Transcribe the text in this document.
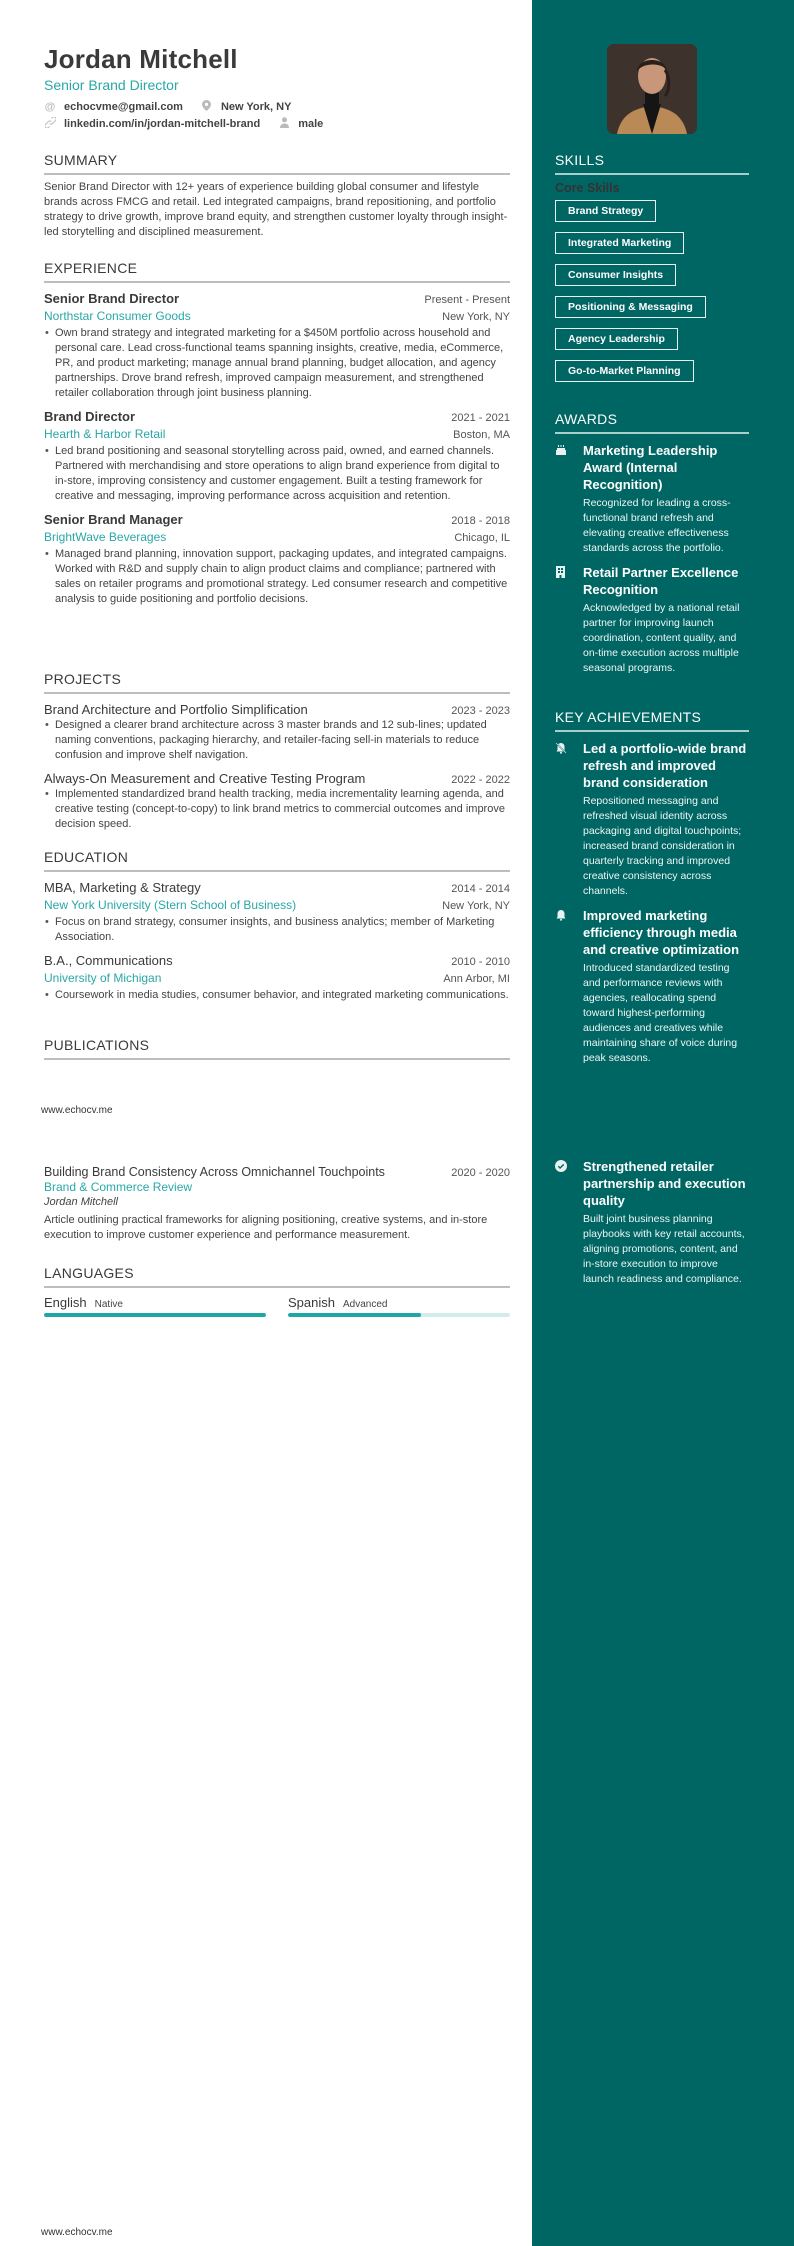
Jordan Mitchell
Senior Brand Director
@ echocvme@gmail.com	New York, NY
linkedin.com/in/jordan-mitchell-brand	male
SUMMARY
Senior Brand Director with 12+ years of experience building global consumer and lifestyle brands across FMCG and retail. Led integrated campaigns, brand repositioning, and portfolio strategy to drive growth, improve brand equity, and strengthen customer loyalty through insight-led storytelling and disciplined measurement.
EXPERIENCE
Senior Brand Director	Present - Present
Northstar Consumer Goods	New York, NY
• Own brand strategy and integrated marketing for a $450M portfolio across household and personal care. Lead cross-functional teams spanning insights, creative, media, eCommerce, PR, and product marketing; manage annual brand planning, budget allocation, and agency partnerships. Drove brand refresh, improved campaign measurement, and strengthened retailer collaboration through joint business planning.
Brand Director	2021 - 2021
Hearth & Harbor Retail	Boston, MA
• Led brand positioning and seasonal storytelling across paid, owned, and earned channels. Partnered with merchandising and store operations to align brand experience from digital to in-store, improving consistency and customer engagement. Built a testing framework for creative and messaging, improving performance across acquisition and retention.
Senior Brand Manager	2018 - 2018
BrightWave Beverages	Chicago, IL
• Managed brand planning, innovation support, packaging updates, and integrated campaigns. Worked with R&D and supply chain to align product claims and compliance; partnered with sales on retailer programs and promotional strategy. Led consumer research and competitive analysis to guide positioning and portfolio decisions.
PROJECTS
Brand Architecture and Portfolio Simplification	2023 - 2023
• Designed a clearer brand architecture across 3 master brands and 12 sub-lines; updated naming conventions, packaging hierarchy, and retailer-facing sell-in materials to reduce confusion and improve shelf navigation.
Always-On Measurement and Creative Testing Program	2022 - 2022
• Implemented standardized brand health tracking, media incrementality learning agenda, and creative testing (concept-to-copy) to link brand metrics to commercial outcomes and improve decision speed.
EDUCATION
MBA, Marketing & Strategy	2014 - 2014
New York University (Stern School of Business)	New York, NY
• Focus on brand strategy, consumer insights, and business analytics; member of Marketing Association.
B.A., Communications	2010 - 2010
University of Michigan	Ann Arbor, MI
• Coursework in media studies, consumer behavior, and integrated marketing communications.
PUBLICATIONS
www.echocv.me
Building Brand Consistency Across Omnichannel Touchpoints	2020 - 2020
Brand & Commerce Review
Jordan Mitchell
Article outlining practical frameworks for aligning positioning, creative systems, and in-store execution to improve customer experience and performance measurement.
LANGUAGES
English Native	Spanish Advanced
www.echocv.me
SKILLS
Core Skills
Brand Strategy
Integrated Marketing
Consumer Insights
Positioning & Messaging
Agency Leadership
Go-to-Market Planning
AWARDS
Marketing Leadership Award (Internal Recognition)
Recognized for leading a cross-functional brand refresh and elevating creative effectiveness standards across the portfolio.
Retail Partner Excellence Recognition
Acknowledged by a national retail partner for improving launch coordination, content quality, and on-time execution across multiple seasonal programs.
KEY ACHIEVEMENTS
Led a portfolio-wide brand refresh and improved brand consideration
Repositioned messaging and refreshed visual identity across packaging and digital touchpoints; increased brand consideration in quarterly tracking and improved creative consistency across channels.
Improved marketing efficiency through media and creative optimization
Introduced standardized testing and performance reviews with agencies, reallocating spend toward highest-performing audiences and creatives while maintaining share of voice during peak seasons.
Strengthened retailer partnership and execution quality
Built joint business planning playbooks with key retail accounts, aligning promotions, content, and in-store execution to improve launch readiness and compliance.
